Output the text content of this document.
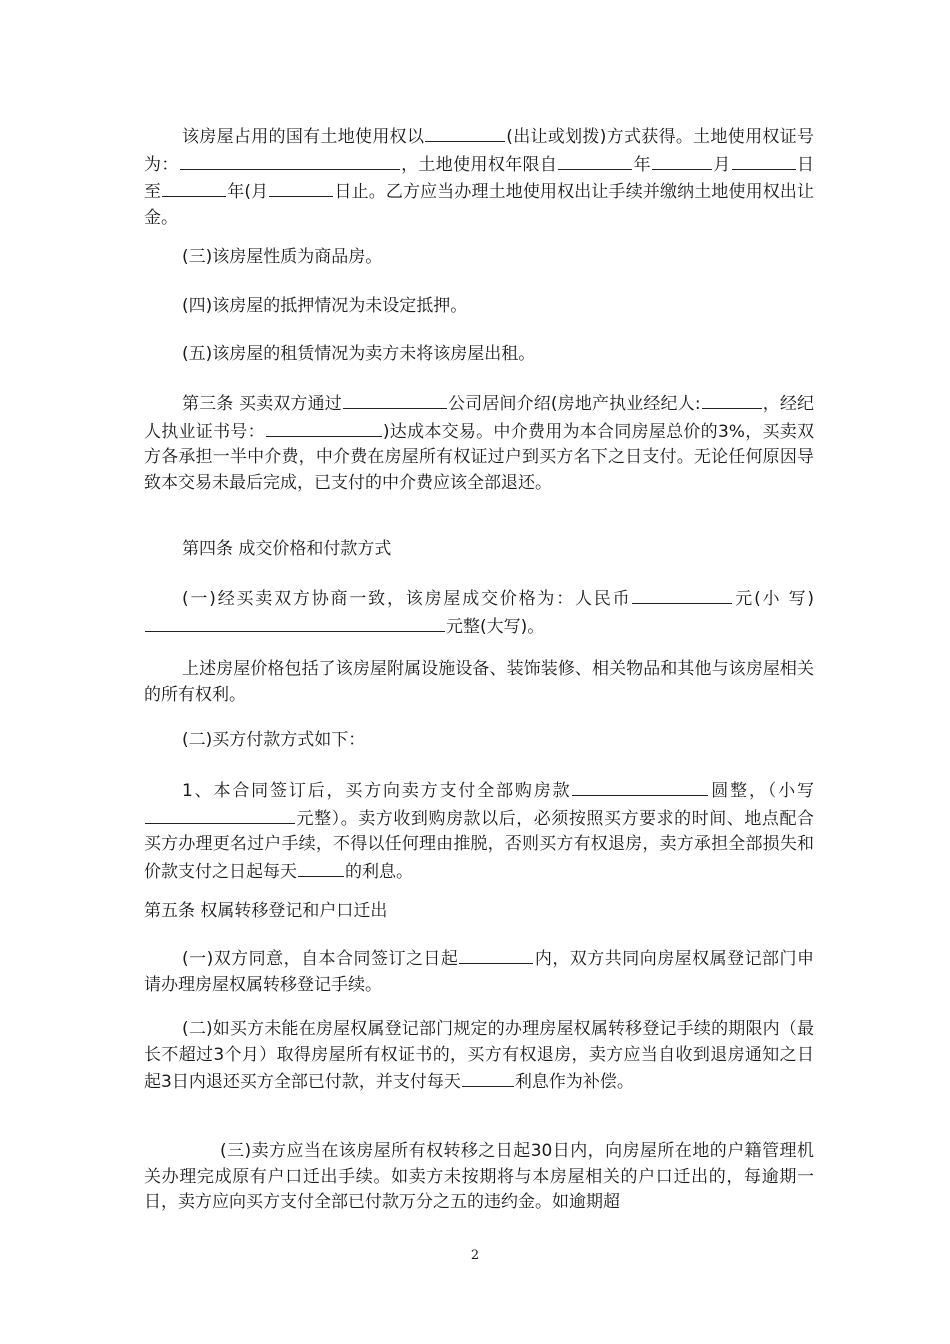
该房屋占用的国有土地使用权以	(出让或划拨)方式获得。土地使用权证号为：	，土地使用权年限自	年	月	日至	年(月	日止。乙方应当办理土地使用权出让手续并缴纳土地使用权出让金。
(三)该房屋性质为商品房。
(四)该房屋的抵押情况为未设定抵押。
(五)该房屋的租赁情况为卖方未将该房屋出租。
第三条 买卖双方通过	公司居间介绍(房地产执业经纪人:	，经纪人执业证书号：	)达成本交易。中介费用为本合同房屋总价的3%，买卖双方各承担一半中介费，中介费在房屋所有权证过户到买方名下之日支付。无论任何原因导致本交易未最后完成，已支付的中介费应该全部退还。
第四条 成交价格和付款方式
(一)经买卖双方协商一致，该房屋成交价格为：人民币	元(小 写)元整(大写)。
上述房屋价格包括了该房屋附属设施设备、装饰装修、相关物品和其他与该房屋相关的所有权利。
(二)买方付款方式如下：
1、本合同签订后，买方向卖方支付全部购房款	圆整，（小写元整）。卖方收到购房款以后，必须按照买方要求的时间、地点配合买方办理更名过户手续，不得以任何理由推脱，否则买方有权退房，卖方承担全部损失和价款支付之日起每天	的利息。
第五条 权属转移登记和户口迁出
(一)双方同意，自本合同签订之日起	内，双方共同向房屋权属登记部门申请办理房屋权属转移登记手续。
(二)如买方未能在房屋权属登记部门规定的办理房屋权属转移登记手续的期限内（最长不超过3个月）取得房屋所有权证书的，买方有权退房，卖方应当自收到退房通知之日起3日内退还买方全部已付款，并支付每天	利息作为补偿。
(三)卖方应当在该房屋所有权转移之日起30日内，向房屋所在地的户籍管理机关办理完成原有户口迁出手续。如卖方未按期将与本房屋相关的户口迁出的，每逾期一日，卖方应向买方支付全部已付款万分之五的违约金。如逾期超
2
